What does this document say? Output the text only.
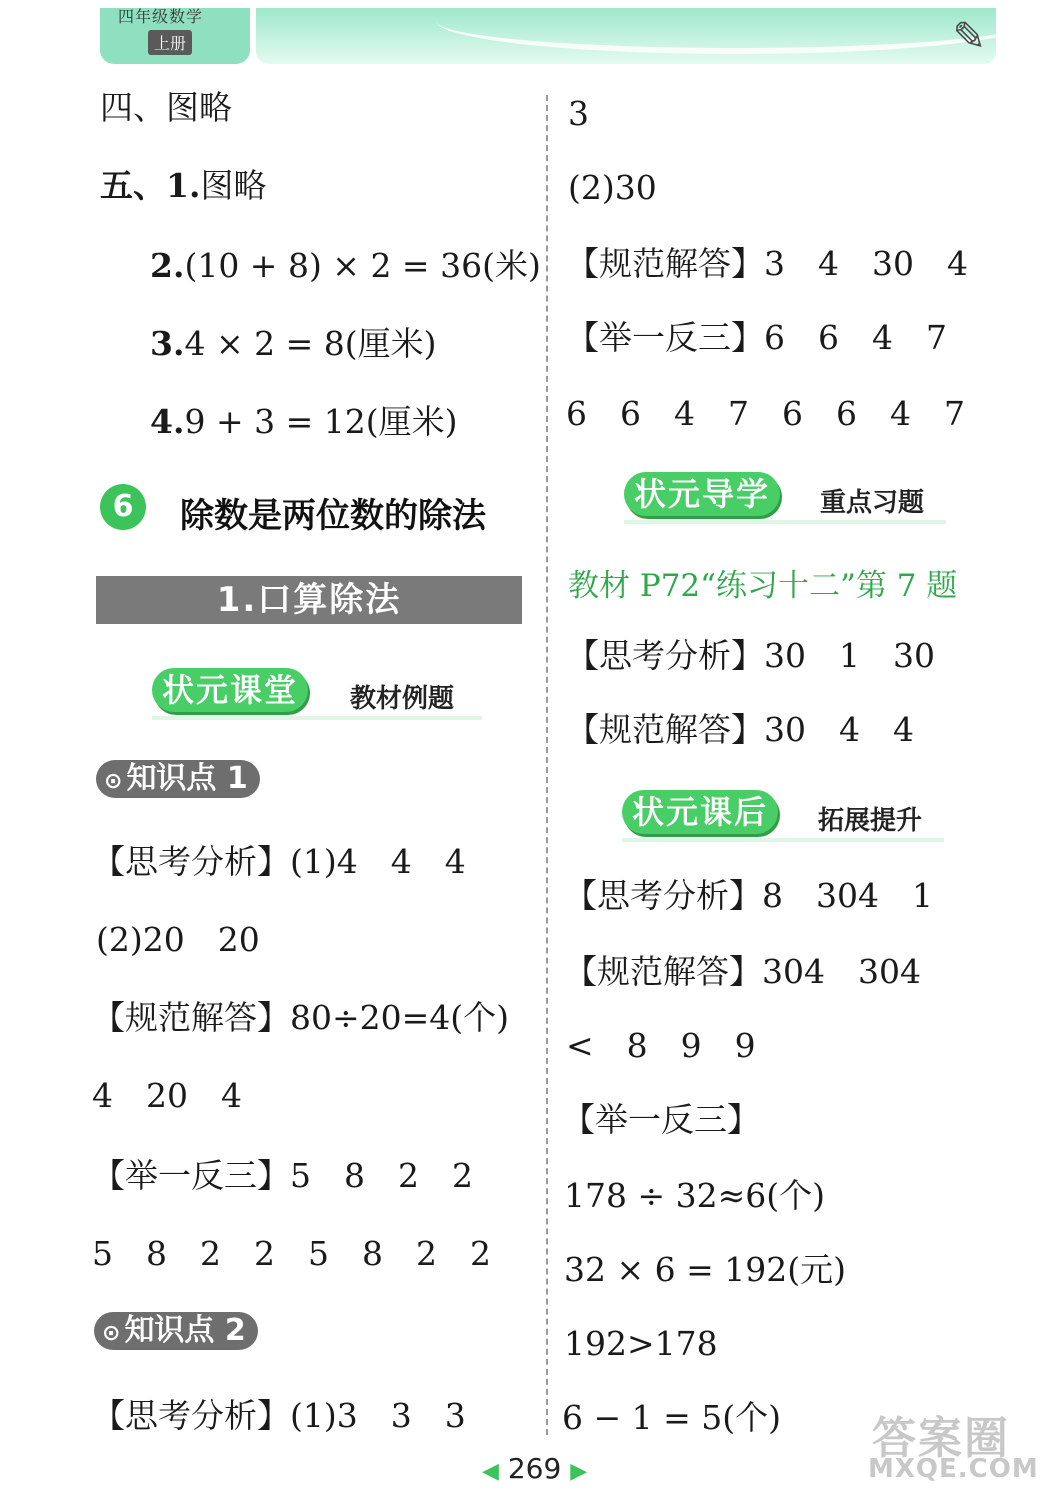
四年级数学
上册	✎
四、图略
五、1.图略
2.(10 + 8) × 2 = 36(米)
3.4 × 2 = 8(厘米)
4.9 + 3 = 12(厘米)
6	除数是两位数的除法
1.口算除法
状元课堂	教材例题
⊙ 知识点 1
【思考分析】(1)4　4　4
(2)20　20
【规范解答】80÷20=4(个)
4　20　4
【举一反三】5　8　2　2
5　8　2　2　5　8　2　2
⊙ 知识点 2
【思考分析】(1)3　3　3
3
(2)30
【规范解答】3　4　30　4
【举一反三】6　6　4　7
6　6　4　7　6　6　4　7
状元导学	重点习题
教材 P72“练习十二”第 7 题
【思考分析】30　1　30
【规范解答】30　4　4
状元课后	拓展提升
【思考分析】8　304　1
【规范解答】304　304
<　8　9　9
【举一反三】
178 ÷ 32≈6(个)
32 × 6 = 192(元)
192>178
6 − 1 = 5(个)
◀ 269 ▶
答案圈
MXQE.COM
